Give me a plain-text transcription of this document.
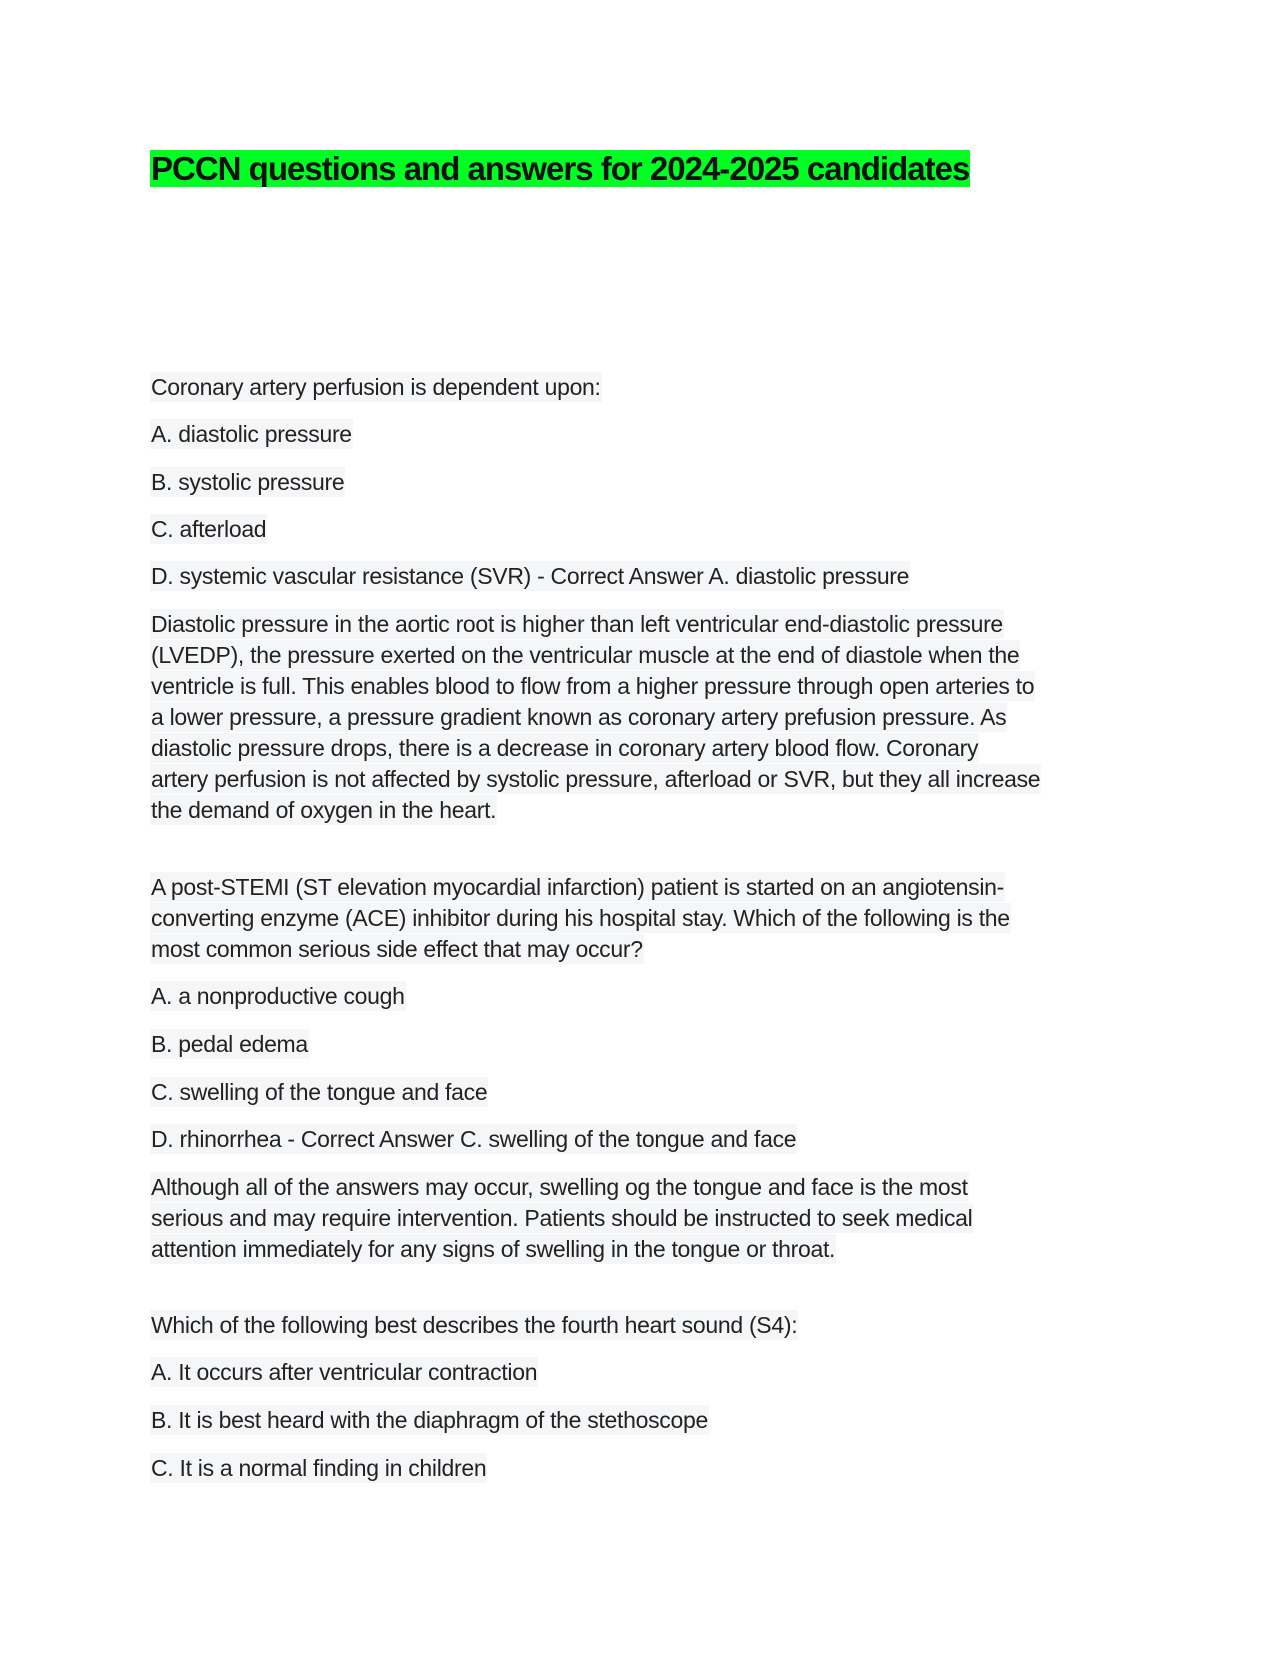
PCCN questions and answers for 2024-2025 candidates

Coronary artery perfusion is dependent upon:

A. diastolic pressure

B. systolic pressure

C. afterload

D. systemic vascular resistance (SVR) - Correct Answer A. diastolic pressure

Diastolic pressure in the aortic root is higher than left ventricular end-diastolic pressure

(LVEDP), the pressure exerted on the ventricular muscle at the end of diastole when the

ventricle is full. This enables blood to flow from a higher pressure through open arteries to

a lower pressure, a pressure gradient known as coronary artery prefusion pressure. As

diastolic pressure drops, there is a decrease in coronary artery blood flow. Coronary

artery perfusion is not affected by systolic pressure, afterload or SVR, but they all increase

the demand of oxygen in the heart.

A post-STEMI (ST elevation myocardial infarction) patient is started on an angiotensin-

converting enzyme (ACE) inhibitor during his hospital stay. Which of the following is the

most common serious side effect that may occur?

A. a nonproductive cough

B. pedal edema

C. swelling of the tongue and face

D. rhinorrhea - Correct Answer C. swelling of the tongue and face

Although all of the answers may occur, swelling og the tongue and face is the most

serious and may require intervention. Patients should be instructed to seek medical

attention immediately for any signs of swelling in the tongue or throat.

Which of the following best describes the fourth heart sound (S4):

A. It occurs after ventricular contraction

B. It is best heard with the diaphragm of the stethoscope

C. It is a normal finding in children
